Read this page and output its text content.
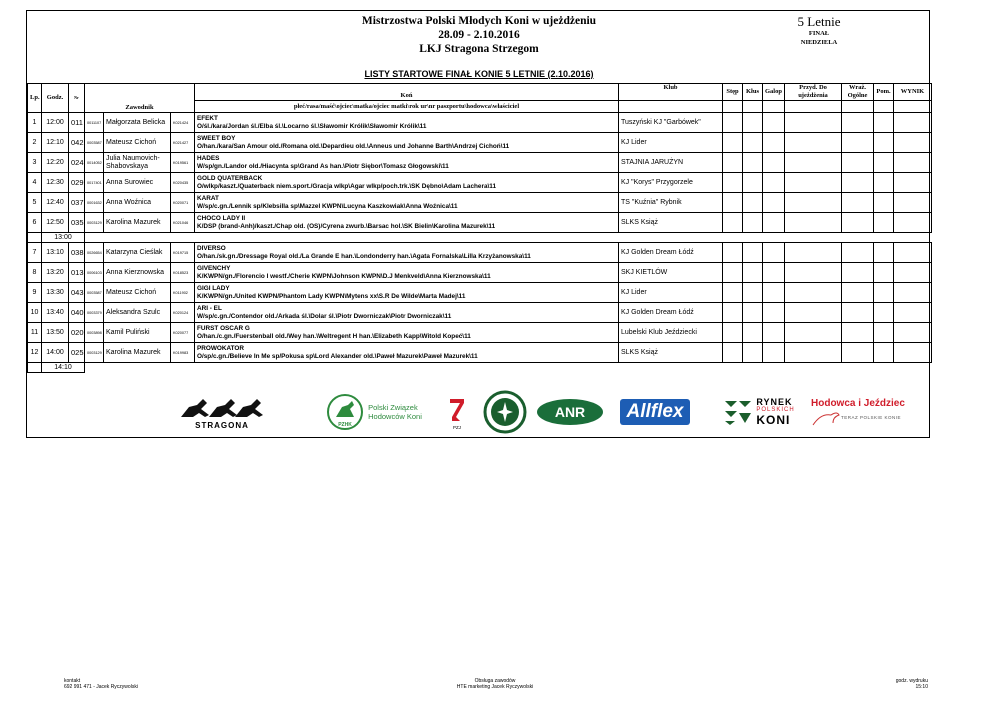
Mistrzostwa Polski Młodych Koni w ujeżdżeniu
28.09 - 2.10.2016
LKJ Stragona Strzegom
5 Letnie
FINAŁ
NIEDZIELA
LISTY STARTOWE FINAŁ KONIE 5 LETNIE (2.10.2016)
Lp.	Godz.	Nr	Zawodnik			Koń	Klub	Stęp	Kłus	Galop	Przyd. Do ujeżdżenia	Wraż. Ogólne	Pom.	WYNIK
						płeć/rasa/maść\ojciec\matka/ojciec matki\rok ur\nr paszportu\hodowca\właściciel								
1	12:00	011	0011107	Małgorzata Belicka	K021424	EFEKT
O/śl./kara/Jordan śl./Elba śl.\Locarno śl.\Sławomir Królik\Sławomir Królik\11	Tuszyński KJ "Garbówek"							
2	12:10	042	0003587	Mateusz Cichoń	K021427	SWEET BOY
O/han./kara/San Amour old./Romana old.\Depardieu old.\Anneus und Johanne Barth\Andrzej Cichoń\11	KJ Lider							
3	12:20	024	0014052	Julia Naumovich-Shabovskaya	K019561	HADES
W/sp/gn./Landor old./Hiacynta sp\Grand As han.\Piotr Siębor\Tomasz Głogowski\11	STAJNIA JARUŻYN							
4	12:30	029	0017401	Anna Surowiec	K020435	GOLD QUATERBACK
O/wlkp/kaszt./Quaterback niem.sport./Gracja wlkp\Agar wlkp/poch.trk.\SK Dębno\Adam Lachera\11	KJ "Korys" Przygorzele							
5	12:40	037	0001632	Anna Woźnica	K020071	KARAT
W/sp/c.gn./Lennik sp/Klebsilla sp\Mazzel KWPN\Lucyna Kaszkowiak\Anna Woźnica\11	TS "Kuźnia" Rybnik							
6	12:50	035	0003129	Karolina Mazurek	K021046	CHOCO LADY II
K/DSP (brand-Anh)/kaszt./Chap old. (OS)/Cyrena zwurb.\Barsac hol.\SK Bielin\Karolina Mazurek\11	SLKS Książ							
	13:00													
7	13:10	038	0026654	Katarzyna Cieślak	K019715	DIVERSO
O/han./sk.gn./Dressage Royal old./La Grande E han.\Londonderry han.\Agata Fornalska\Lilla Krzyżanowska\11	KJ Golden Dream Łódź							
8	13:20	013	0006103	Anna Kierznowska	K018523	GIVENCHY
K/KWPN/gn./Florencio I westf./Cherie KWPN\Johnson KWPN\D.J Menkveld\Anna Kierznowska\11	SKJ KIETLÓW							
9	13:30	043	0003587	Mateusz Cichoń	K011902	GIGI LADY
K/KWPN/gn./United KWPN/Phantom Lady KWPN\Mytens xx\S.R De Wilde\Marta Madej\11	KJ Lider							
10	13:40	040	0003379	Aleksandra Szulc	K020124	ARI - EL
W/sp/c.gn./Contendor old./Arkada śl.\Dolar śl.\Piotr Dworniczak\Piotr Dworniczak\11	KJ Golden Dream Łódź							
11	13:50	020	0003898	Kamil Puliński	K020077	FURST OSCAR G
O/han./c.gn./Fuerstenball old./Wey han.\Weltregent H han.\Elizabeth Kapp\Witold Kopeć\11	Lubelski Klub Jeździecki							
12	14:00	025	0003129	Karolina Mazurek	K019983	PROWOKATOR
O/sp/c.gn./Believe In Me sp/Pokusa sp\Lord Alexander old.\Paweł Mazurek\Paweł Mazurek\11	SLKS Książ							
	14:10													
STRAGONA	PZHK
Polski Związek
Hodowców Koni
PZJ
ANR	Allflex	RYNEK
POLSKICH
KONI
Hodowca i Jeździec
TERAZ POLSKIE KONIE
kontakt
692 991 471 - Jacek Ryczywolski
Obsługa zawodów
HTE marketing Jacek Ryczywolski
godz. wydruku
15:10
